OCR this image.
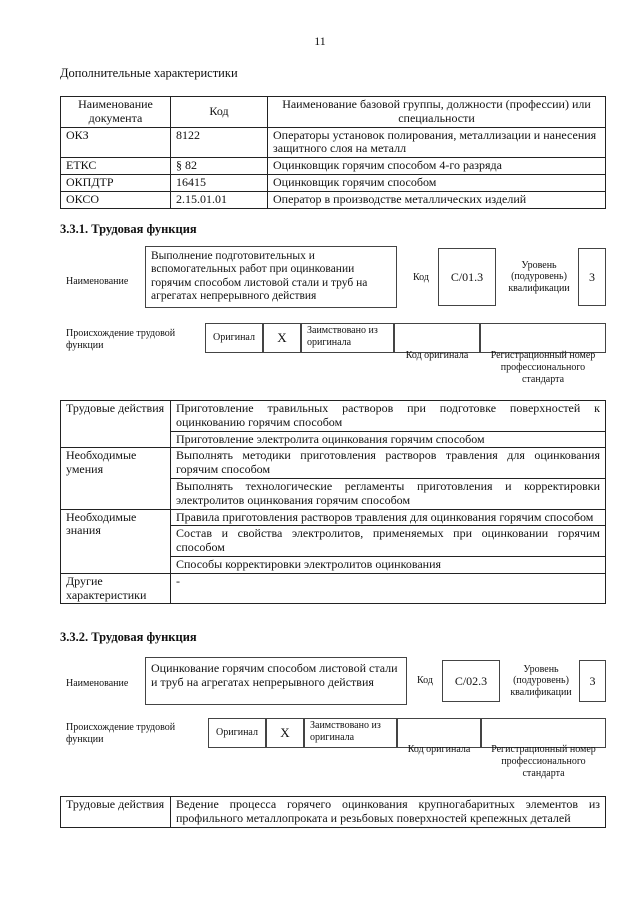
11
Дополнительные характеристики
Наименование документа	Код	Наименование базовой группы, должности (профессии) или специальности
ОКЗ	8122	Операторы установок полирования, металлизации и нанесения защитного слоя на металл
ЕТКС	§ 82	Оцинковщик горячим способом 4-го разряда
ОКПДТР	16415	Оцинковщик горячим способом
ОКСО	2.15.01.01	Оператор в производстве металлических изделий
3.3.1. Трудовая функция
Наименование
Выполнение подготовительных и вспомогательных работ при оцинковании горячим способом листовой стали и труб на агрегатах непрерывного действия
Код	С/01.3
Уровень (подуровень) квалификации
3
Происхождение трудовой функции
Оригинал	X	Заимствовано из оригинала
Код оригинала	Регистрационный номер профессионального стандарта
Трудовые действия	Приготовление травильных растворов при подготовке поверхностей к оцинкованию горячим способом
	Приготовление электролита оцинкования горячим способом
Необходимые умения	Выполнять методики приготовления растворов травления для оцинкования горячим способом
	Выполнять технологические регламенты приготовления и корректировки электролитов оцинкования горячим способом
Необходимые знания	Правила приготовления растворов травления для оцинкования горячим способом
	Состав и свойства электролитов, применяемых при оцинковании горячим способом
	Способы корректировки электролитов оцинкования
Другие характеристики	-
3.3.2. Трудовая функция
Наименование
Оцинкование горячим способом листовой стали и труб на агрегатах непрерывного действия	Код	С/02.3
Уровень (подуровень) квалификации
3
Происхождение трудовой функции
Оригинал	X	Заимствовано из оригинала
Код оригинала	Регистрационный номер профессионального стандарта
Трудовые действия	Ведение процесса горячего оцинкования крупногабаритных элементов из профильного металлопроката и резьбовых поверхностей крепежных деталей
